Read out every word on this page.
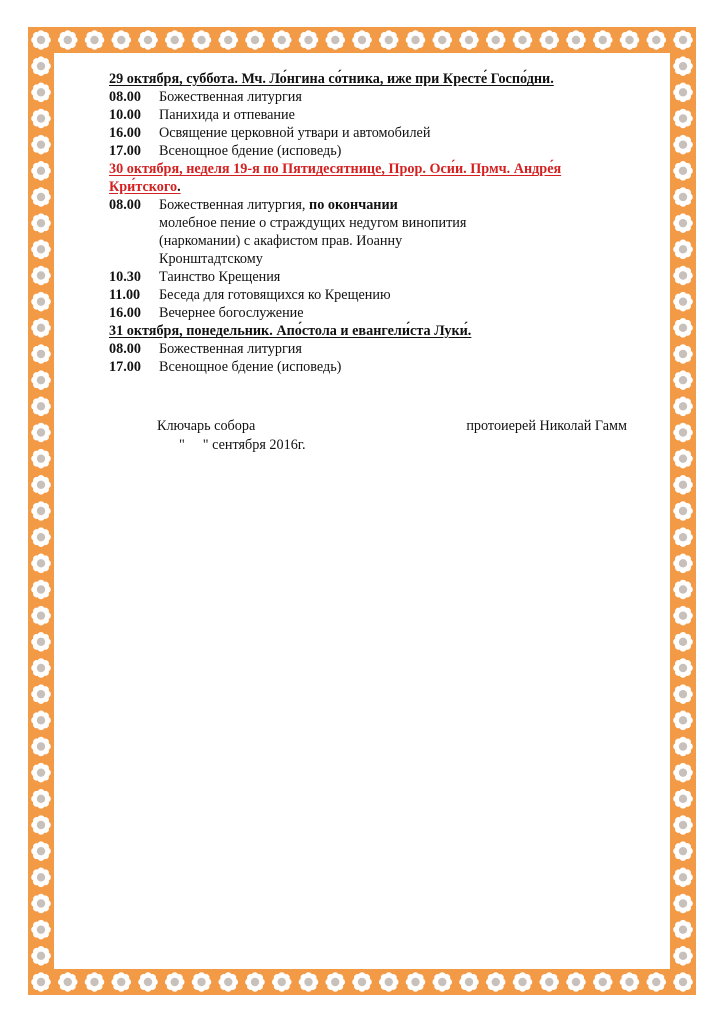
29 октября, суббота. Мч. Ло́нгина со́тника, иже при Кресте́ Госпо́дни.

08.00	Божественная литургия
10.00	Панихида и отпевание
16.00	Освящение церковной утвари и автомобилей
17.00	Всенощное бдение (исповедь)

30 октября, неделя 19-я по Пятидесятнице, Прор. Оси́и. Прмч. Андре́я
Кри́тского.

08.00	Божественная литургия, по окончании
молебное пение о страждущих недугом винопития
(наркомании) с акафистом прав. Иоанну
Кронштадтскому
10.30	Таинство Крещения
11.00	Беседа для готовящихся ко Крещению
16.00	Вечернее богослужение

31 октября, понедельник. Апо́стола и евангели́ста Луки́.

08.00	Божественная литургия
17.00	Всенощное бдение (исповедь)
Ключарь собора	протоиерей Николай Гамм
" " сентября 2016г.
